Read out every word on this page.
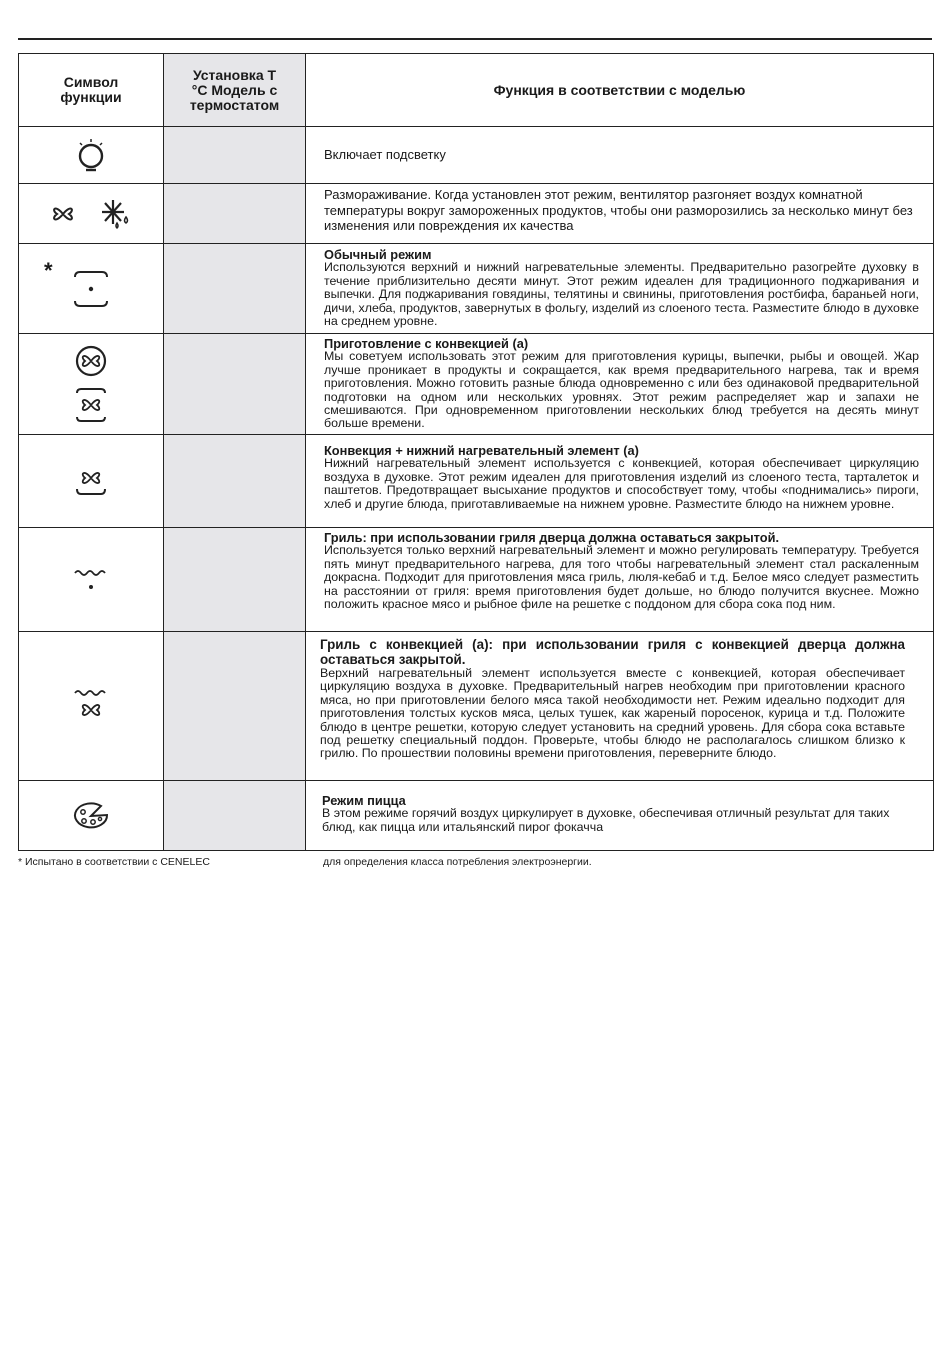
Символ функции	Установка T °C Модель с термостатом	Функция в соответствии с моделью

Включает подсветку

Размораживание. Когда установлен этот режим, вентилятор разгоняет воздух комнатной температуры вокруг замороженных продуктов, чтобы они разморозились за несколько минут без изменения или повреждения их качества

*		Обычный режим
Используются верхний и нижний нагревательные элементы. Предварительно разогрейте духовку в течение приблизительно десяти минут. Этот режим идеален для традиционного поджаривания и выпечки. Для поджаривания говядины, телятины и свинины, приготовления ростбифа, бараньей ноги, дичи, хлеба, продуктов, завернутых в фольгу, изделий из слоеного теста. Разместите блюдо в духовке на среднем уровне.

Приготовление с конвекцией (a)
Мы советуем использовать этот режим для приготовления курицы, выпечки, рыбы и овощей. Жар лучше проникает в продукты и сокращается, как время предварительного нагрева, так и время приготовления. Можно готовить разные блюда одновременно с или без одинаковой предварительной подготовки на одном или нескольких уровнях. Этот режим распределяет жар и запахи не смешиваются. При одновременном приготовлении нескольких блюд требуется на десять минут больше времени.

Конвекция + нижний нагревательный элемент (a)
Нижний нагревательный элемент используется с конвекцией, которая обеспечивает циркуляцию воздуха в духовке. Этот режим идеален для приготовления изделий из слоеного теста, тарталеток и паштетов. Предотвращает высыхание продуктов и способствует тому, чтобы «поднимались» пироги, хлеб и другие блюда, приготавливаемые на нижнем уровне. Разместите блюдо на нижнем уровне.

Гриль: при использовании гриля дверца должна оставаться закрытой.
Используется только верхний нагревательный элемент и можно регулировать температуру. Требуется пять минут предварительного нагрева, для того чтобы нагревательный элемент стал раскаленным докрасна. Подходит для приготовления мяса гриль, люля-кебаб и т.д. Белое мясо следует разместить на расстоянии от гриля: время приготовления будет дольше, но блюдо получится вкуснее. Можно положить красное мясо и рыбное филе на решетке с поддоном для сбора сока под ним.

Гриль с конвекцией (a): при использовании гриля с конвекцией дверца должна оставаться закрытой.
Верхний нагревательный элемент используется вместе с конвекцией, которая обеспечивает циркуляцию воздуха в духовке. Предварительный нагрев необходим при приготовлении красного мяса, но при приготовлении белого мяса такой необходимости нет. Режим идеально подходит для приготовления толстых кусков мяса, целых тушек, как жареный поросенок, курица и т.д. Положите блюдо в центре решетки, которую следует установить на средний уровень. Для сбора сока вставьте под решетку специальный поддон. Проверьте, чтобы блюдо не располагалось слишком близко к грилю. По прошествии половины времени приготовления, переверните блюдо.

Режим пицца
В этом режиме горячий воздух циркулирует в духовке, обеспечивая отличный результат для таких блюд, как пицца или итальянский пирог фокачча
* Испытано в соответствии с CENELEC	для определения класса потребления электроэнергии.
